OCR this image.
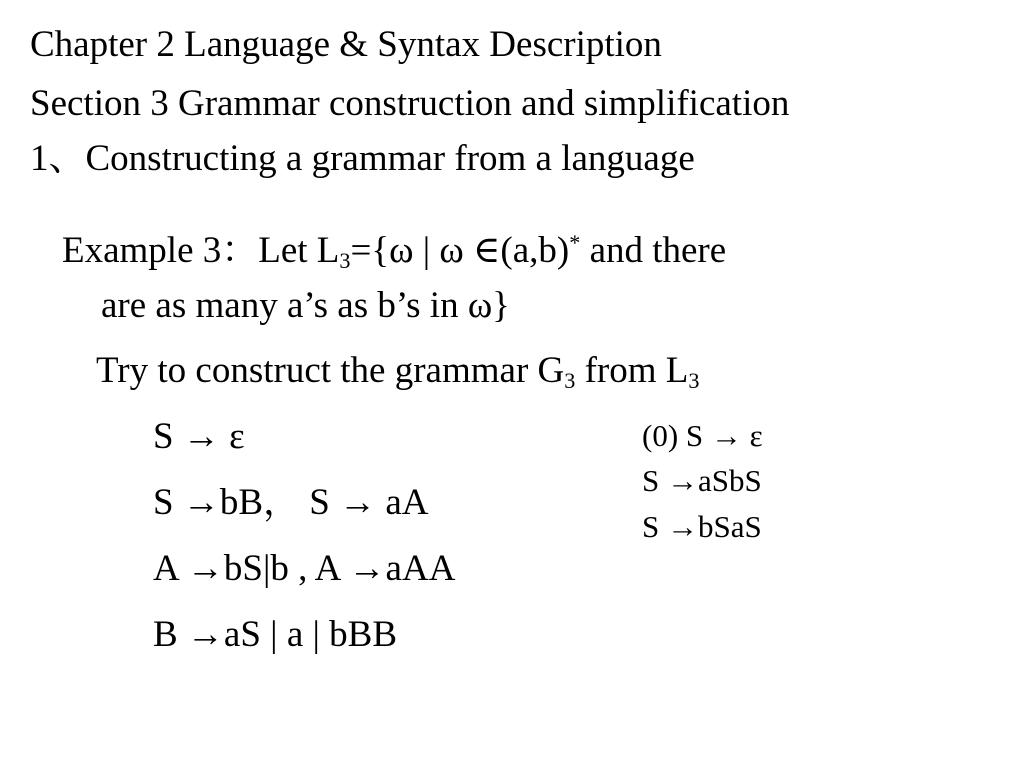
Chapter 2 Language & Syntax Description
Section 3 Grammar construction and simplification
1、Constructing a grammar from a language
Example 3：Let $L_3=\{\omega$ | ω ∈(a,b)* and there
are as many a’s as b’s in ω}
Try to construct the grammar $G_3$ from $L_3$
S → ε
S →bB， S → aA
A →bS|b , A →aAA
B →aS | a | bBB
(0) S → ε
S →aSbS
S →bSaS
